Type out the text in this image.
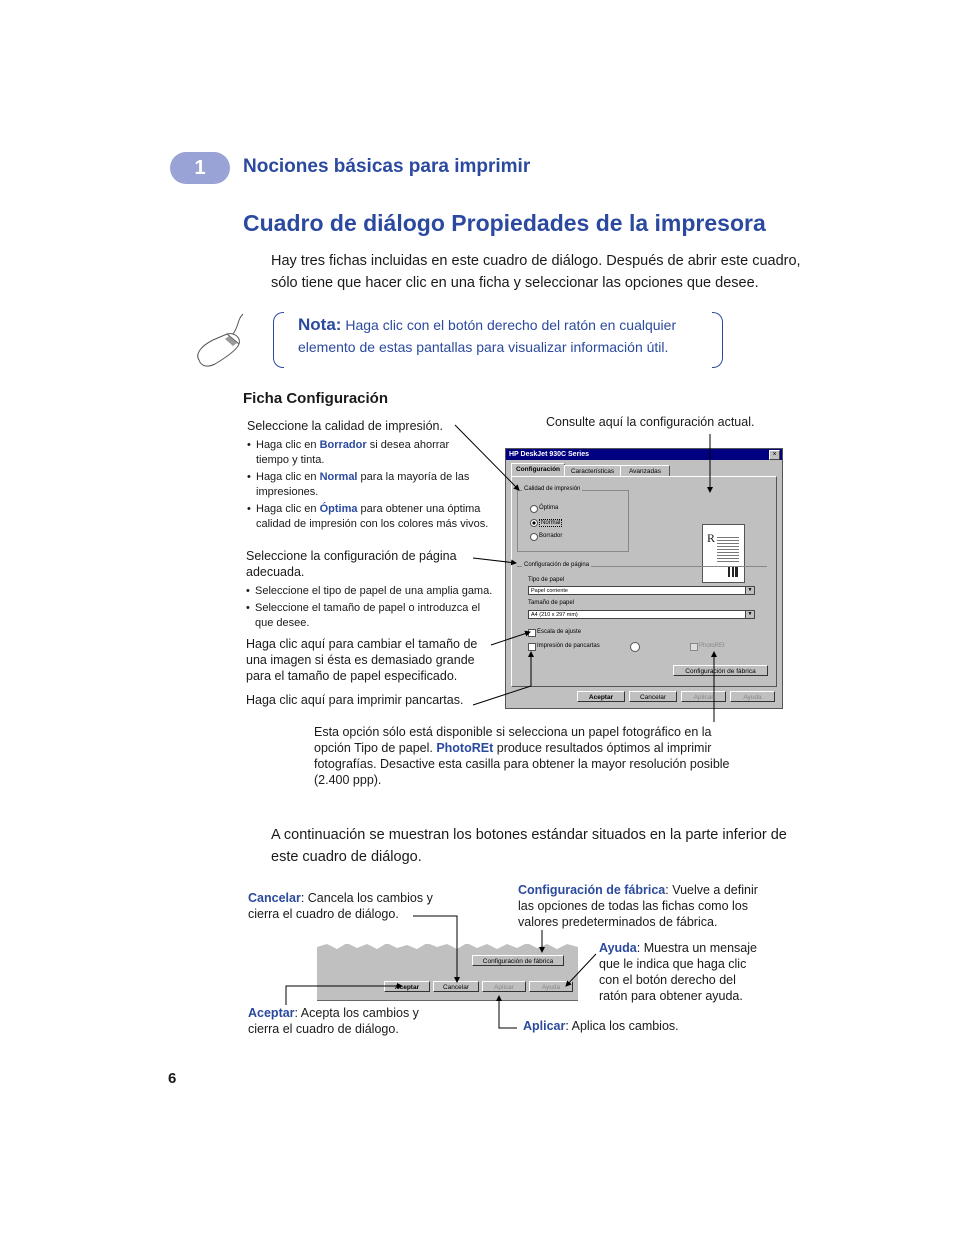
1	Nociones básicas para imprimir
Cuadro de diálogo Propiedades de la impresora
Hay tres fichas incluidas en este cuadro de diálogo. Después de abrir este cuadro,
sólo tiene que hacer clic en una ficha y seleccionar las opciones que desee.
Nota: Haga clic con el botón derecho del ratón en cualquier
elemento de estas pantallas para visualizar información útil.
Ficha Configuración
Seleccione la calidad de impresión.
• Haga clic en Borrador si desea ahorrar
tiempo y tinta.
• Haga clic en Normal para la mayoría de las
impresiones.
• Haga clic en Óptima para obtener una óptima
calidad de impresión con los colores más vivos.
Consulte aquí la configuración actual.
Seleccione la configuración de página
adecuada.
• Seleccione el tipo de papel de una amplia gama.
• Seleccione el tamaño de papel o introduzca el
que desee.
Haga clic aquí para cambiar el tamaño de
una imagen si ésta es demasiado grande
para el tamaño de papel especificado.
Haga clic aquí para imprimir pancartas.
Esta opción sólo está disponible si selecciona un papel fotográfico en la
opción Tipo de papel. PhotoREt produce resultados óptimos al imprimir
fotografías. Desactive esta casilla para obtener la mayor resolución posible
(2.400 ppp).
HP DeskJet 930C Series	×
Configuración	Características	Avanzadas
Calidad de impresión
Óptima
Normal
Borrador	R
Configuración de página
Tipo de papel
Papel corriente	▼
Tamaño de papel
A4 (210 x 297 mm)	▼
Escala de ajuste
Impresión de pancartas	PhotoREt
Configuración de fábrica
Aceptar	Cancelar	Aplicar	Ayuda
A continuación se muestran los botones estándar situados en la parte inferior de
este cuadro de diálogo.
Configuración de fábrica
Aceptar	Cancelar	Aplicar	Ayuda
Cancelar: Cancela los cambios y
cierra el cuadro de diálogo.
Configuración de fábrica: Vuelve a definir
las opciones de todas las fichas como los
valores predeterminados de fábrica.
Ayuda: Muestra un mensaje
que le indica que haga clic
con el botón derecho del
ratón para obtener ayuda.
Aceptar: Acepta los cambios y
cierra el cuadro de diálogo.	Aplicar: Aplica los cambios.
6
